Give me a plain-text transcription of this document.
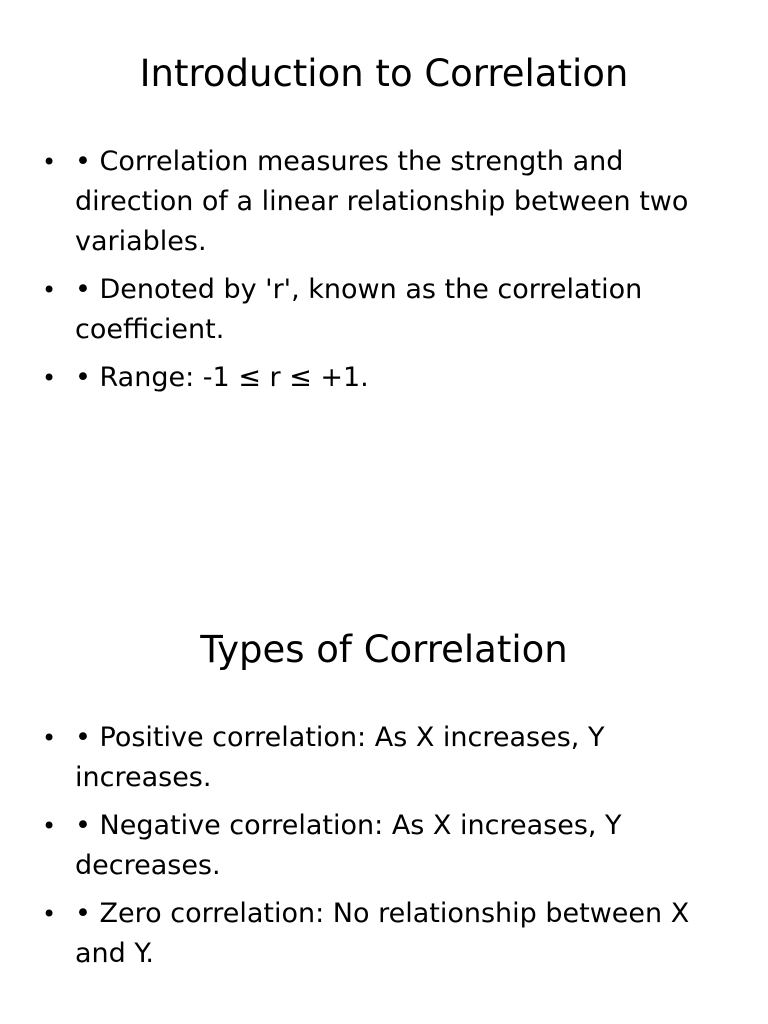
Introduction to Correlation
• • Correlation measures the strength and direction of a linear relationship between two variables.
• • Denoted by 'r', known as the correlation coefficient.
• • Range: -1 ≤ r ≤ +1.
Types of Correlation
• • Positive correlation: As X increases, Y increases.
• • Negative correlation: As X increases, Y decreases.
• • Zero correlation: No relationship between X and Y.
